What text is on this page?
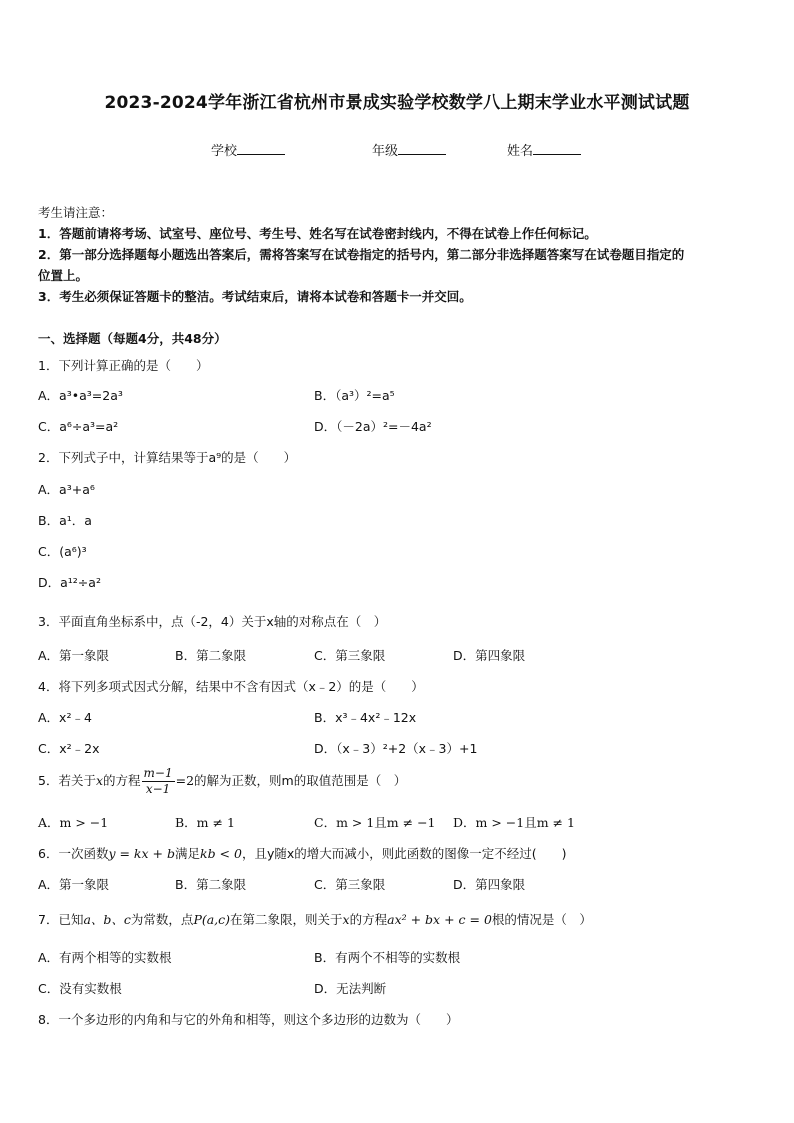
2023-2024学年浙江省杭州市景成实验学校数学八上期末学业水平测试试题
学校	年级	姓名
考生请注意：
1．答题前请将考场、试室号、座位号、考生号、姓名写在试卷密封线内，不得在试卷上作任何标记。
2．第一部分选择题每小题选出答案后，需将答案写在试卷指定的括号内，第二部分非选择题答案写在试卷题目指定的
位置上。
3．考生必须保证答题卡的整洁。考试结束后，请将本试卷和答题卡一并交回。
一、选择题（每题4分，共48分）
1．下列计算正确的是（　　）
A．a³•a³=2a³	B．（a³）²=a⁵
C．a⁶÷a³=a²	D．（－2a）²=－4a²
2．下列式子中，计算结果等于a⁹的是（　　）
A．a³+a⁶
B．a¹．a
C．(a⁶)³
D．a¹²÷a²
3．平面直角坐标系中，点（-2，4）关于x轴的对称点在（　）
A．第一象限	B．第二象限	C．第三象限	D．第四象限
4．将下列多项式因式分解，结果中不含有因式（x﹣2）的是（　　）
A．x²﹣4	B．x³﹣4x²﹣12x
C．x²﹣2x	D．（x﹣3）²+2（x﹣3）+1
5．若关于x的方程 $\frac{m-1}{x-1} =2$的解为正数，则m的取值范围是（　）
A．m > −1	B．m ≠ 1	C．m > 1且m ≠ −1 D．m > −1且m ≠ 1
6．一次函数y = kx + b满足kb < 0，且y随x的增大而减小，则此函数的图像一定不经过(　　)
A．第一象限	B．第二象限	C．第三象限	D．第四象限
7．已知a、b、c为常数，点P(a,c)在第二象限，则关于x的方程ax² + bx + c = 0根的情况是（　）
A．有两个相等的实数根	B．有两个不相等的实数根
C．没有实数根	D．无法判断
8．一个多边形的内角和与它的外角和相等，则这个多边形的边数为（　　）
